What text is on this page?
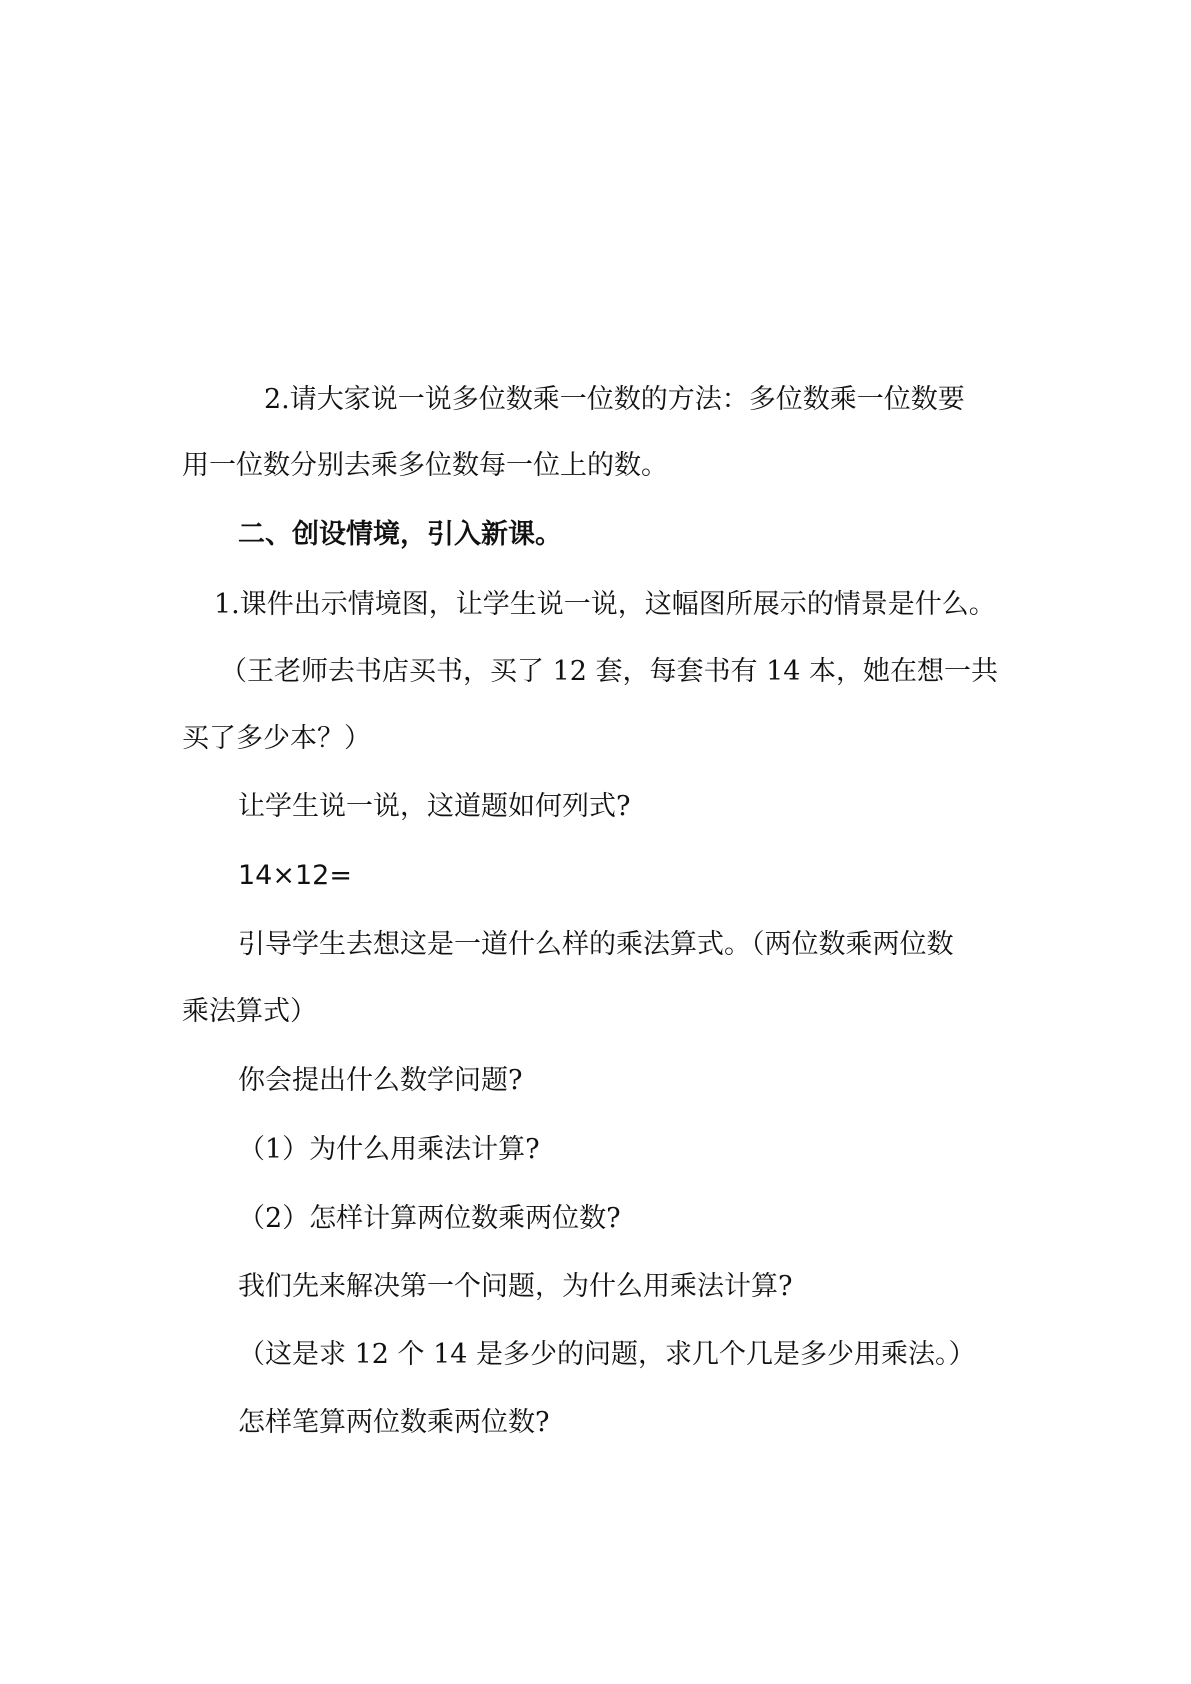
2.请大家说一说多位数乘一位数的方法：多位数乘一位数要
用一位数分别去乘多位数每一位上的数。
二、创设情境，引入新课。
1.课件出示情境图，让学生说一说，这幅图所展示的情景是什么。
（王老师去书店买书，买了 12 套，每套书有 14 本，她在想一共
买了多少本？）
让学生说一说，这道题如何列式?
14×12=
引导学生去想这是一道什么样的乘法算式。（两位数乘两位数
乘法算式）
你会提出什么数学问题?
（1）为什么用乘法计算?
（2）怎样计算两位数乘两位数?
我们先来解决第一个问题，为什么用乘法计算?
（这是求 12 个 14 是多少的问题，求几个几是多少用乘法。）
怎样笔算两位数乘两位数?
